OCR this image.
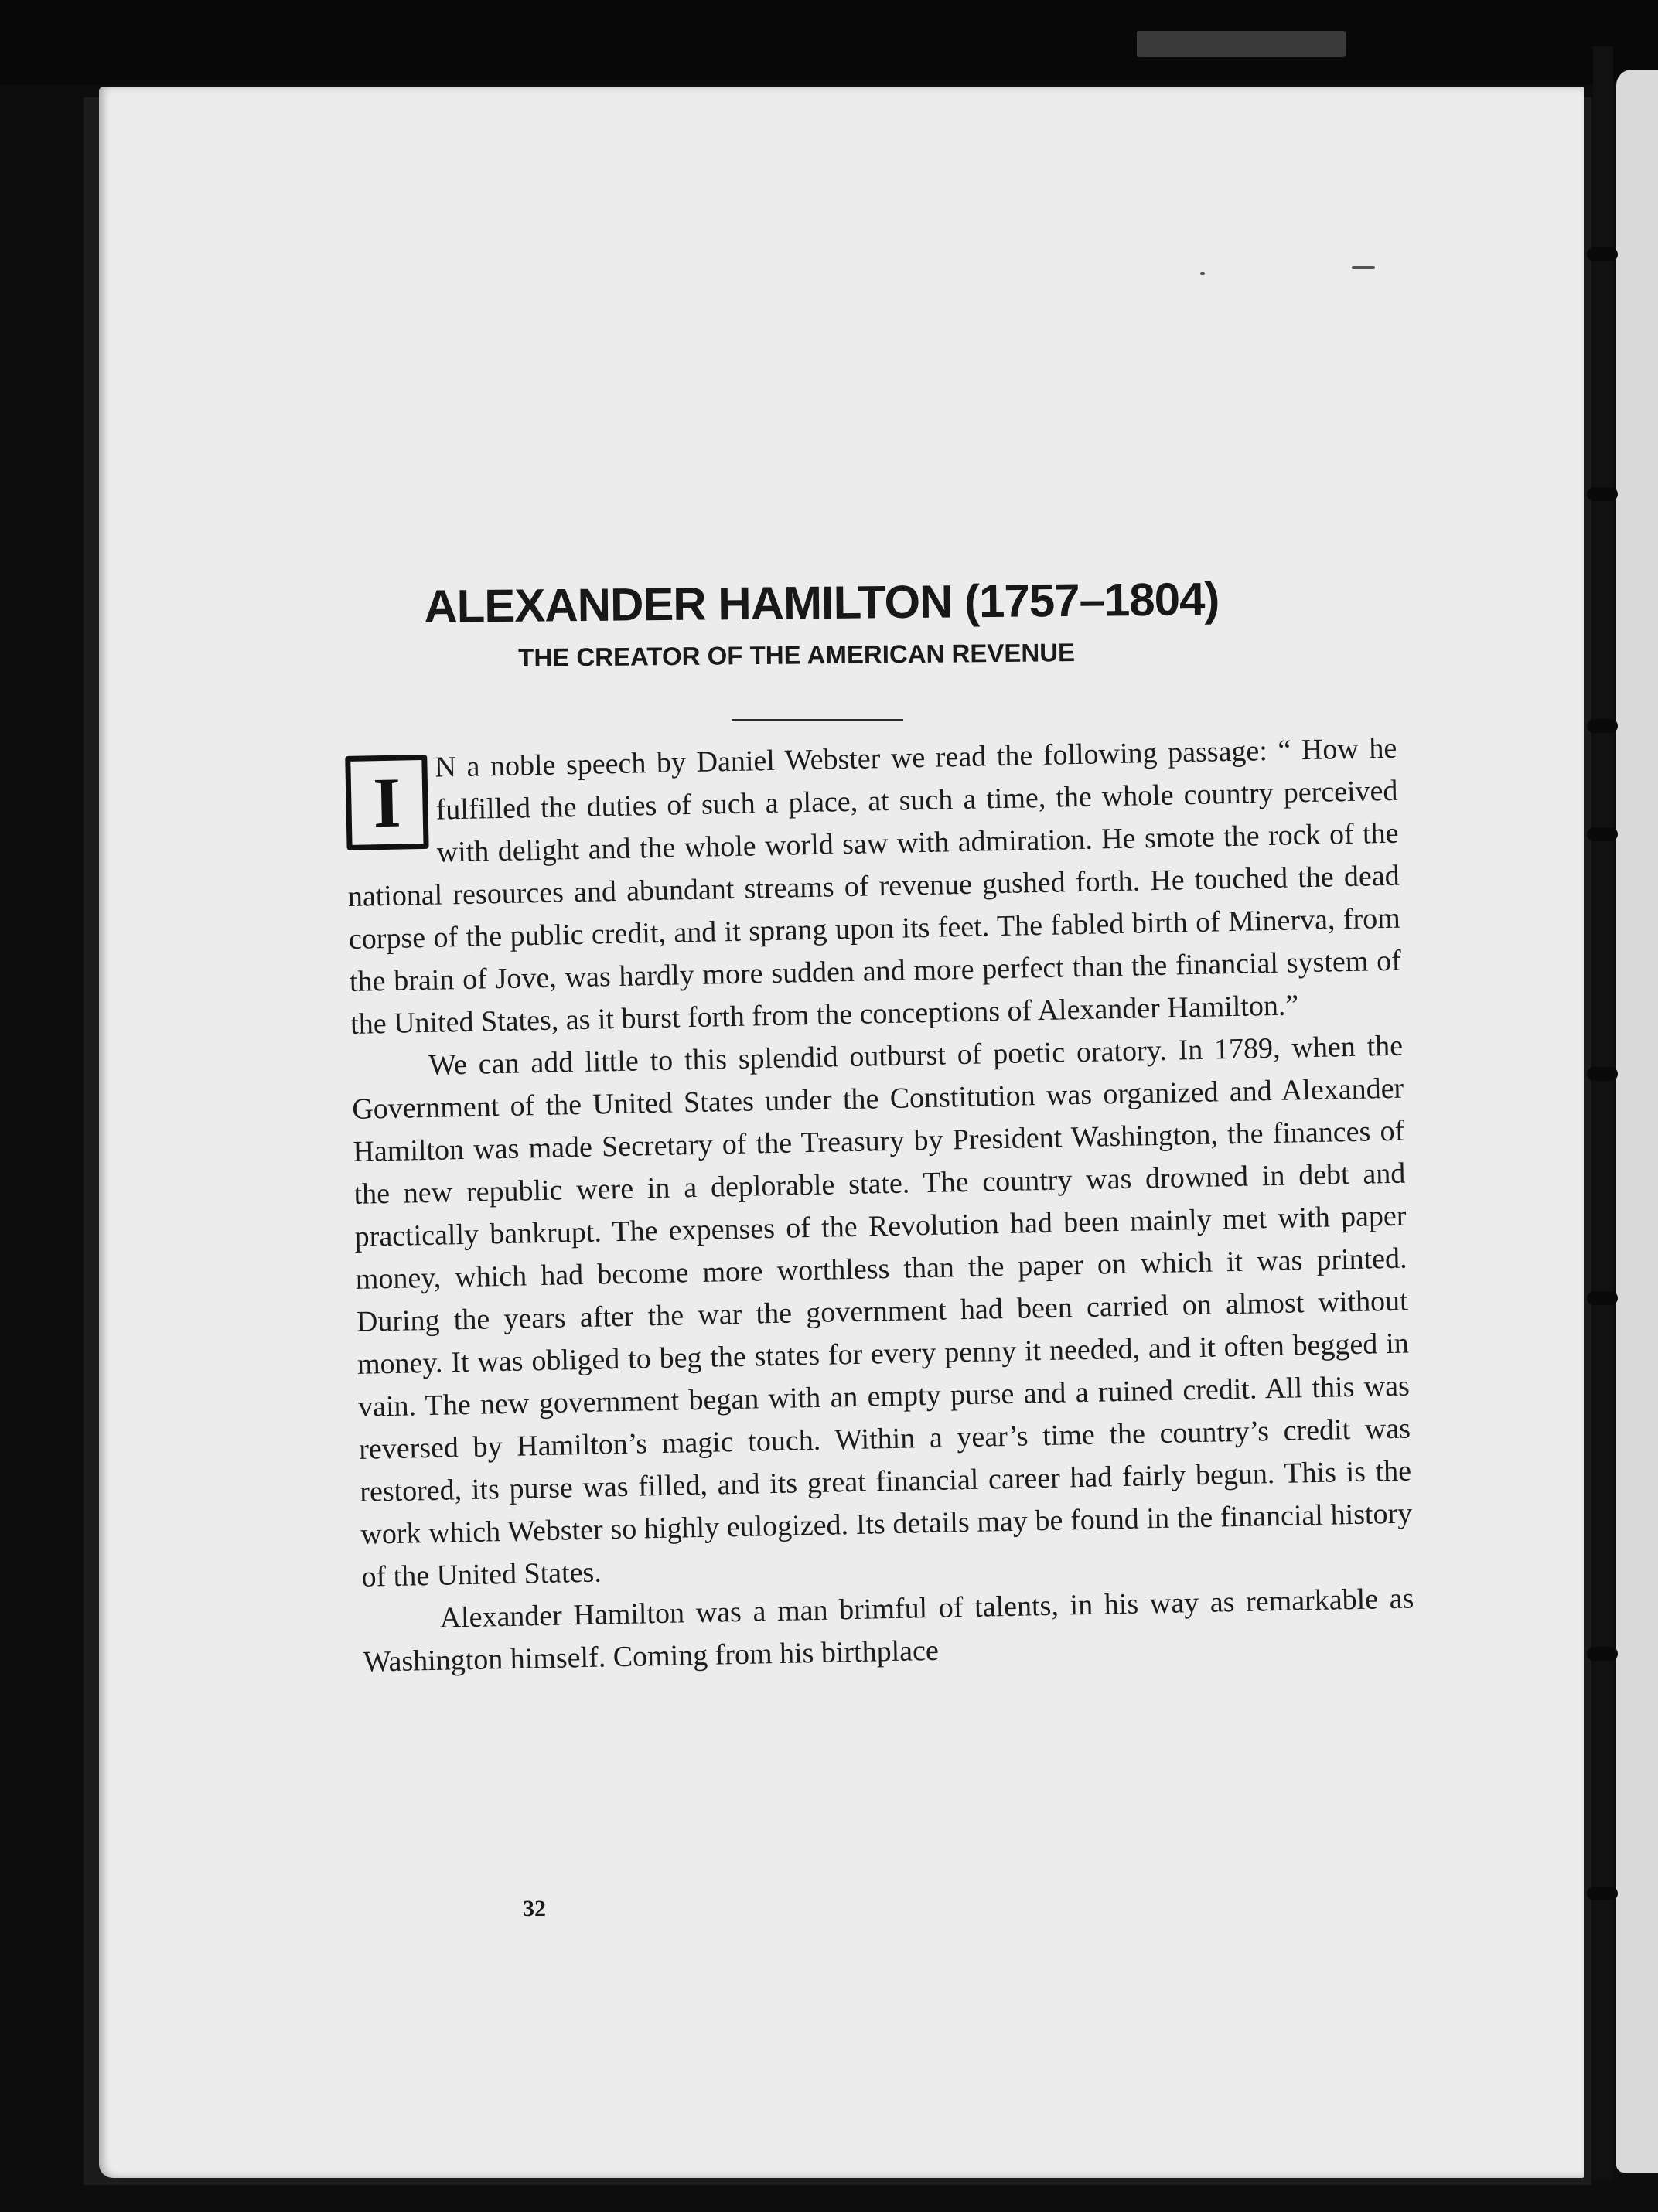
ALEXANDER HAMILTON (1757–1804)
THE CREATOR OF THE AMERICAN REVENUE

I
N a noble speech by Daniel Webster we read the following passage: “ How he fulfilled the duties of such a place, at such a time, the whole country perceived with delight and the whole world saw with admiration. He smote the rock of the national resources and abundant streams of revenue gushed forth. He touched the dead corpse of the public credit, and it sprang upon its feet. The fabled birth of Minerva, from the brain of Jove, was hardly more sudden and more perfect than the financial system of the United States, as it burst forth from the conceptions of Alexander Hamilton.”

We can add little to this splendid outburst of poetic oratory. In 1789, when the Government of the United States under the Constitution was organized and Alexander Hamilton was made Secretary of the Treasury by President Washington, the finances of the new republic were in a deplorable state. The country was drowned in debt and practically bankrupt. The expenses of the Revolution had been mainly met with paper money, which had become more worthless than the paper on which it was printed. During the years after the war the government had been carried on almost without money. It was obliged to beg the states for every penny it needed, and it often begged in vain. The new government began with an empty purse and a ruined credit. All this was reversed by Hamilton’s magic touch. Within a year’s time the country’s credit was restored, its purse was filled, and its great financial career had fairly begun. This is the work which Webster so highly eulogized. Its details may be found in the financial history of the United States.

Alexander Hamilton was a man brimful of talents, in his way as remarkable as Washington himself. Coming from his birthplace

32
